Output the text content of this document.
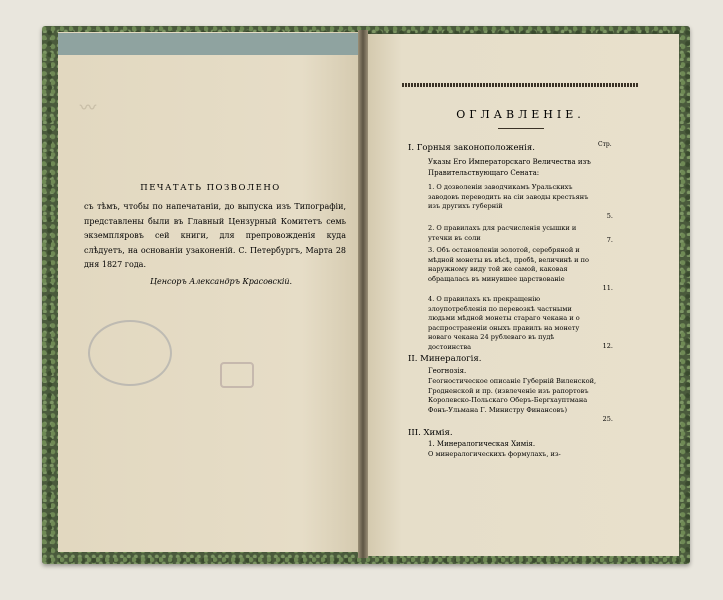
〰
ПЕЧАТАТЬ ПОЗВОЛЕНО
съ тѣмъ, чтобы по напечатаніи, до выпуска изъ Типографіи, представлены были въ Главный Цензурный Комитетъ семь экземпляровъ сей книги, для препровожденія куда слѣдуетъ, на основаніи узаконеній. С. Петербургъ, Марта 28 дня 1827 года.
Ценсоръ Александръ Красовскій.
ОГЛАВЛЕНІЕ.
Стр.
I. Горныя законоположенія.
Указы Его Императорскаго Величества изъ Правительствующаго Сената:
1. О дозволеніи заводчикамъ Уральскихъ заводовъ переводить на сіи заводы крестьянъ изъ другихъ губерній
5.
2. О правилахъ для расчисленія усышки и утечки въ соли	7.
3. Объ остановленіи золотой, серебряной и мѣдной монеты въ вѣсѣ, пробѣ, величинѣ и по наружному виду той же самой, каковая обращалась въ минувшее царствованіе
11.
4. О правилахъ къ прекращенію злоупотребленія по перевозкѣ частными людьми мѣдной монеты стараго чекана и о распространеніи оныхъ правилъ на монету новаго чекана 24 рублеваго въ пудѣ достоинства	12.
II. Минералогія.
Геогнозія.
Геогностическое описаніе Губерній Виленской, Гродненской и пр. (извлеченіе изъ рапортовъ Королевско-Польскаго Оберъ-Бергхауптмана Фонъ-Ульмана Г. Министру Финансовъ)
25.
III. Химія.
1. Минералогическая Химія.
О минералогическихъ формулахъ, из-
